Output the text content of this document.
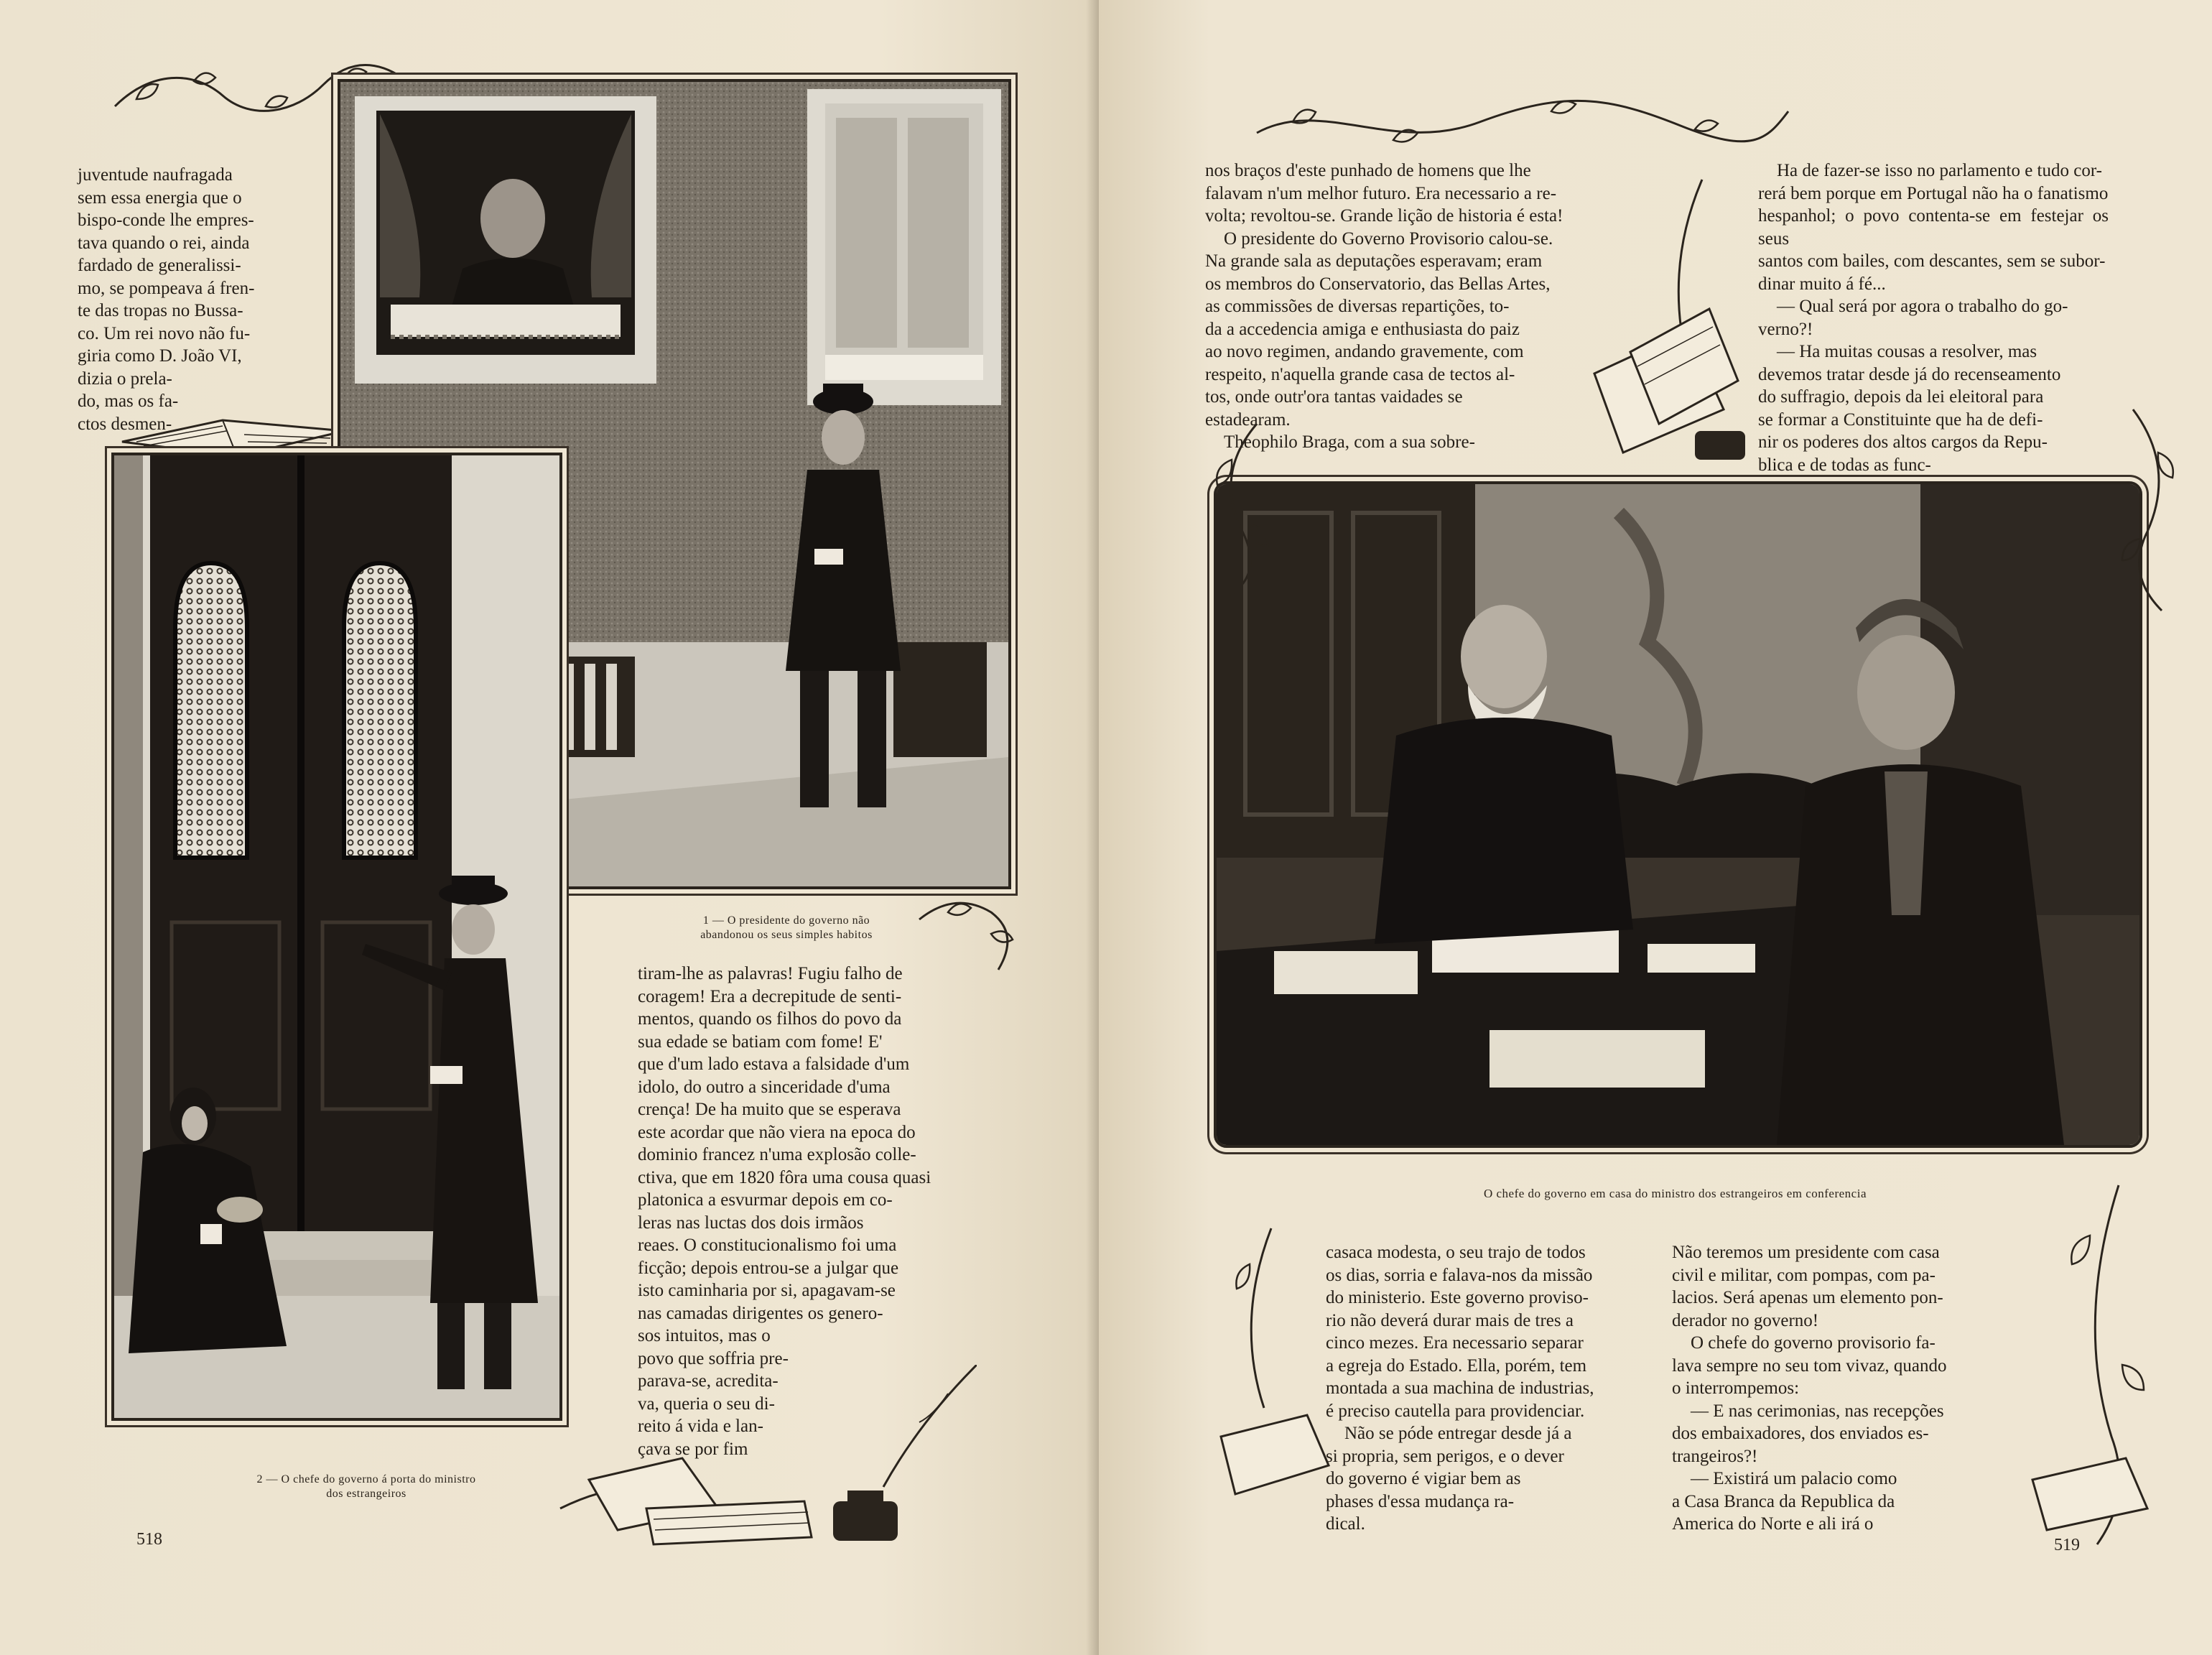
juventude naufragada

sem essa energia que o

bispo-conde lhe empres-

tava quando o rei, ainda

fardado de generalissi-

mo, se pompeava á fren-

te das tropas no Bussa-

co. Um rei novo não fu-

giria como D. João VI,

dizia o prela-

do, mas os fa-

ctos desmen-

1 — O presidente do governo não
abandonou os seus simples habitos

tiram-lhe as palavras! Fugiu falho de

coragem! Era a decrepitude de senti-

mentos, quando os filhos do povo da

sua edade se batiam com fome! E'

que d'um lado estava a falsidade d'um

idolo, do outro a sinceridade d'uma

crença! De ha muito que se esperava

este acordar que não viera na epoca do

dominio francez n'uma explosão colle-

ctiva, que em 1820 fôra uma cousa quasi

platonica a esvurmar depois em co-

leras nas luctas dos dois irmãos

reaes. O constitucionalismo foi uma

ficção; depois entrou-se a julgar que

isto caminharia por si, apagavam-se

nas camadas dirigentes os genero-

sos intuitos, mas o

povo que soffria pre-

parava-se, acredita-

va, queria o seu di-

reito á vida e lan-

çava se por fim

2 — O chefe do governo á porta do ministro
dos estrangeiros
518

nos braços d'este punhado de homens que lhe

falavam n'um melhor futuro. Era necessario a re-

volta; revoltou-se. Grande lição de historia é esta!

O presidente do Governo Provisorio calou-se.

Na grande sala as deputações esperavam; eram

os membros do Conservatorio, das Bellas Artes,

as commissões de diversas repartições, to-

da a accedencia amiga e enthusiasta do paiz

ao novo regimen, andando gravemente, com

respeito, n'aquella grande casa de tectos al-

tos, onde outr'ora tantas vaidades se

estadearam.

Theophilo Braga, com a sua sobre-

Ha de fazer-se isso no parlamento e tudo cor-

rerá bem porque em Portugal não ha o fanatismo

hespanhol; o povo contenta-se em festejar os seus

santos com bailes, com descantes, sem se subor-

dinar muito á fé...

— Qual será por agora o trabalho do go-

verno?!

— Ha muitas cousas a resolver, mas

devemos tratar desde já do recenseamento

do suffragio, depois da lei eleitoral para

se formar a Constituinte que ha de defi-

nir os poderes dos altos cargos da Repu-

blica e de todas as func-

O chefe do governo em casa do ministro dos estrangeiros em conferencia

casaca modesta, o seu trajo de todos

os dias, sorria e falava-nos da missão

do ministerio. Este governo proviso-

rio não deverá durar mais de tres a

cinco mezes. Era necessario separar

a egreja do Estado. Ella, porém, tem

montada a sua machina de industrias,

é preciso cautella para providenciar.

Não se póde entregar desde já a

si propria, sem perigos, e o dever

do governo é vigiar bem as

phases d'essa mudança ra-

dical.

Não teremos um presidente com casa

civil e militar, com pompas, com pa-

lacios. Será apenas um elemento pon-

derador no governo!

O chefe do governo provisorio fa-

lava sempre no seu tom vivaz, quando

o interrompemos:

— E nas cerimonias, nas recepções

dos embaixadores, dos enviados es-

trangeiros?!

— Existirá um palacio como

a Casa Branca da Republica da

America do Norte e ali irá o

519
